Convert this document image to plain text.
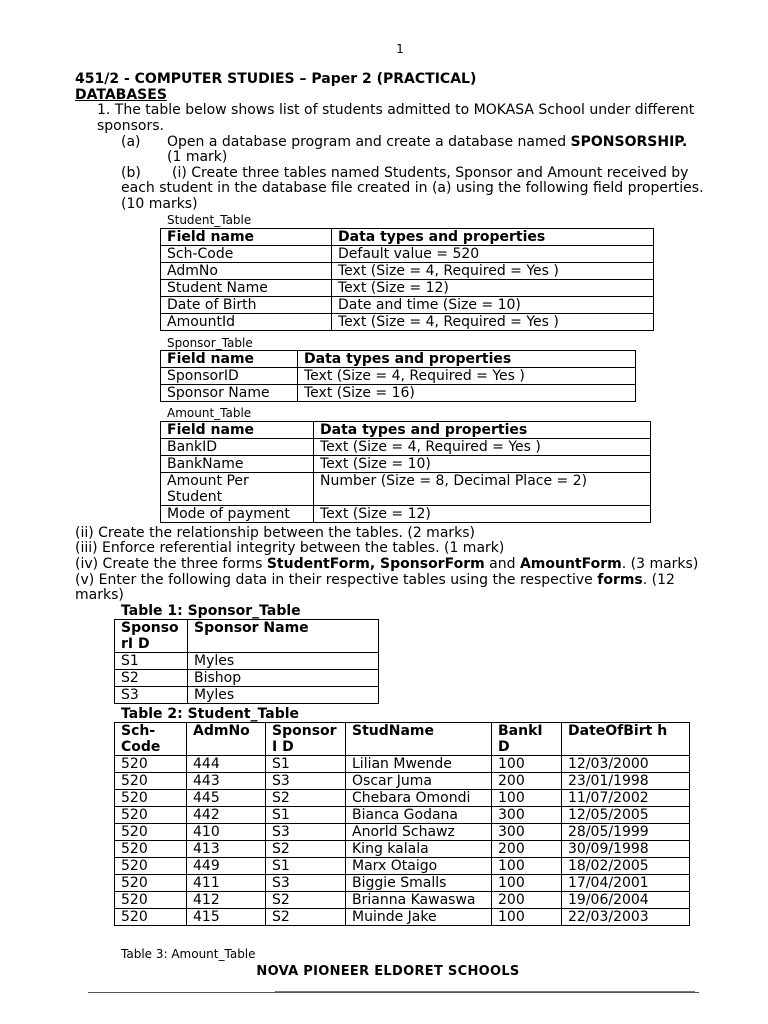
1
451/2 - COMPUTER STUDIES – Paper 2 (PRACTICAL)
DATABASES
1. The table below shows list of students admitted to MOKASA School under different
sponsors.
(a) Open a database program and create a database named SPONSORSHIP.
(1 mark)
(b) (i) Create three tables named Students, Sponsor and Amount received by
each student in the database file created in (a) using the following field properties.
(10 marks)
Student_Table
Field name	Data types and properties
Sch-Code	Default value = 520
AdmNo	Text (Size = 4, Required = Yes )
Student Name	Text (Size = 12)
Date of Birth	Date and time (Size = 10)
AmountId	Text (Size = 4, Required = Yes )
Sponsor_Table
Field name	Data types and properties
SponsorID	Text (Size = 4, Required = Yes )
Sponsor Name	Text (Size = 16)
Amount_Table
Field name	Data types and properties
BankID	Text (Size = 4, Required = Yes )
BankName	Text (Size = 10)
Amount Per Student	Number (Size = 8, Decimal Place = 2)
Mode of payment	Text (Size = 12)
(ii) Create the relationship between the tables. (2 marks)
(iii) Enforce referential integrity between the tables. (1 mark)
(iv) Create the three forms StudentForm, SponsorForm and AmountForm. (3 marks)
(v) Enter the following data in their respective tables using the respective forms. (12
marks)
Table 1: Sponsor_Table
SponsorI D	Sponsor Name
S1	Myles
S2	Bishop
S3	Myles
Table 2: Student_Table
Sch-Code	AdmNo	SponsorI D	StudName	BankI D	DateOfBirt h
520	444	S1	Lilian Mwende	100	12/03/2000
520	443	S3	Oscar Juma	200	23/01/1998
520	445	S2	Chebara Omondi	100	11/07/2002
520	442	S1	Bianca Godana	300	12/05/2005
520	410	S3	Anorld Schawz	300	28/05/1999
520	413	S2	King kalala	200	30/09/1998
520	449	S1	Marx Otaigo	100	18/02/2005
520	411	S3	Biggie Smalls	100	17/04/2001
520	412	S2	Brianna Kawaswa	200	19/06/2004
520	415	S2	Muinde Jake	100	22/03/2003
Table 3: Amount_Table
NOVA PIONEER ELDORET SCHOOLS
